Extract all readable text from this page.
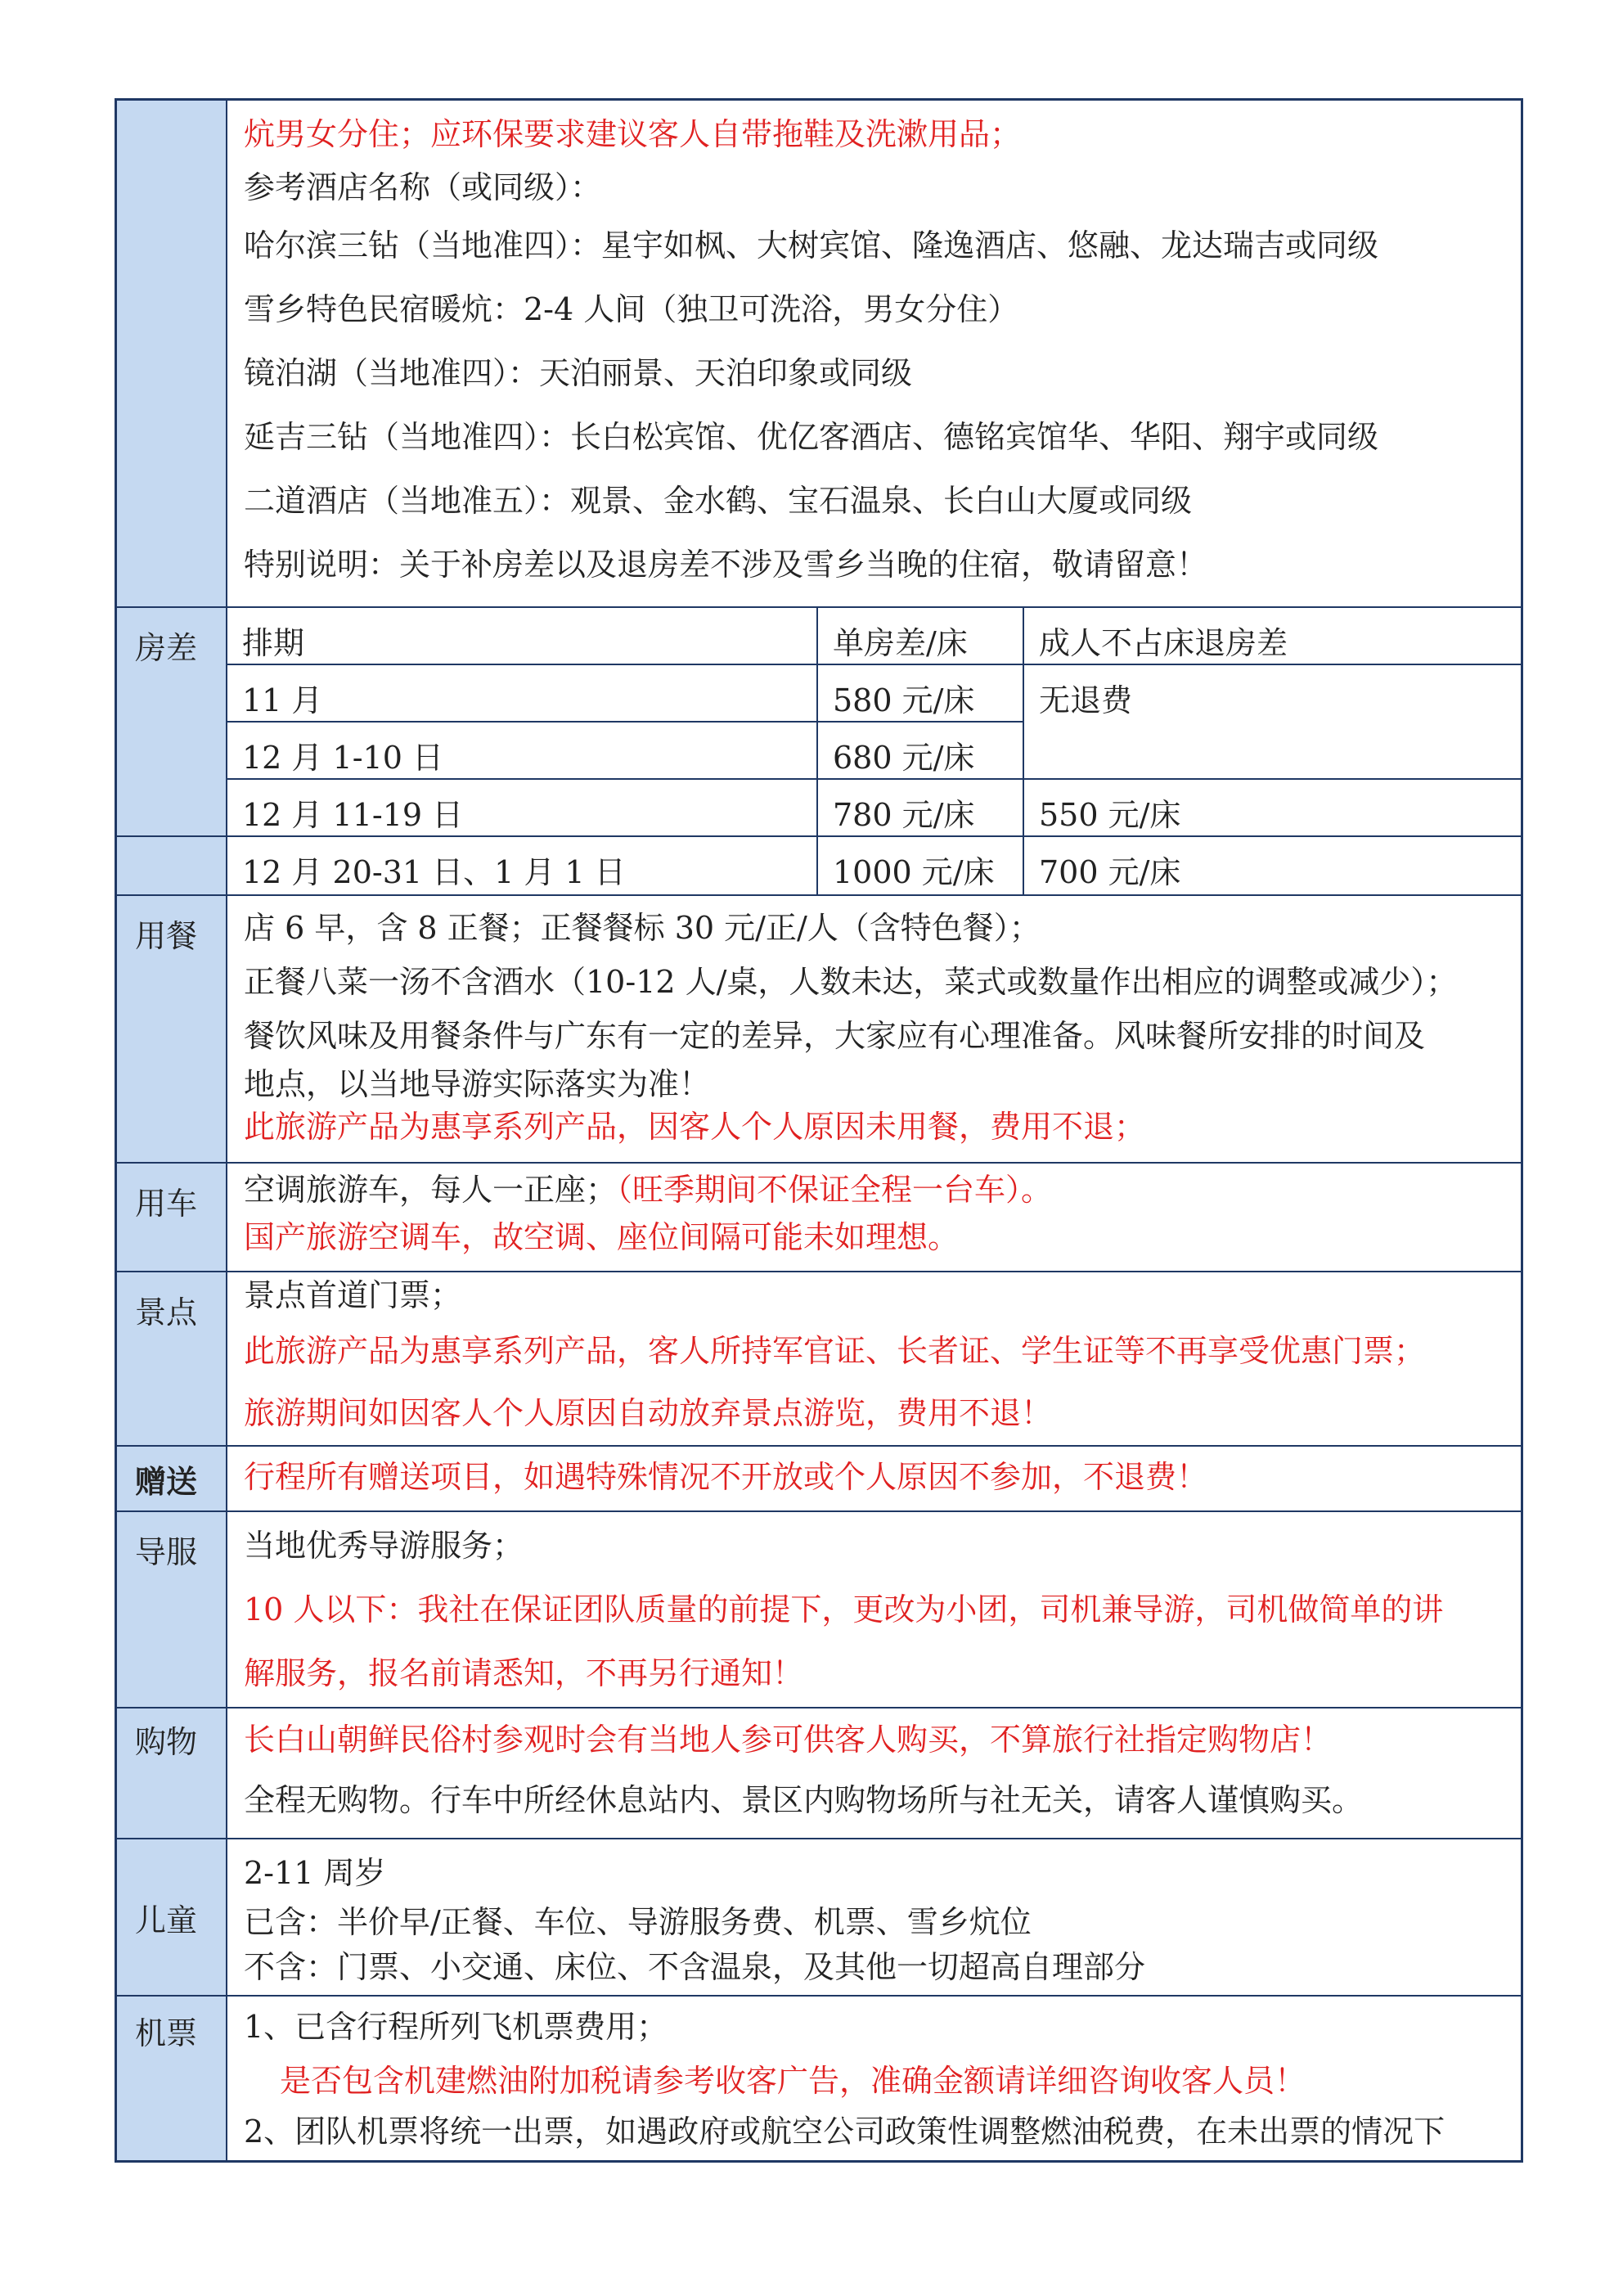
炕男女分住；应环保要求建议客人自带拖鞋及洗漱用品；
参考酒店名称（或同级）：
哈尔滨三钻（当地准四）：星宇如枫、大树宾馆、隆逸酒店、悠融、龙达瑞吉或同级
雪乡特色民宿暖炕：2-4 人间（独卫可洗浴，男女分住）
镜泊湖（当地准四）：天泊丽景、天泊印象或同级
延吉三钻（当地准四）：长白松宾馆、优亿客酒店、德铭宾馆华、华阳、翔宇或同级
二道酒店（当地准五）：观景、金水鹤、宝石温泉、长白山大厦或同级
特别说明：关于补房差以及退房差不涉及雪乡当晚的住宿，敬请留意！
房差	排期	单房差/床	成人不占床退房差
11 月	580 元/床	无退费
12 月 1-10 日	680 元/床
12 月 11-19 日	780 元/床	550 元/床
12 月 20-31 日、1 月 1 日	1000 元/床	700 元/床
用餐	店 6 早，含 8 正餐；正餐餐标 30 元/正/人（含特色餐）；
正餐八菜一汤不含酒水（10-12 人/桌，人数未达，菜式或数量作出相应的调整或减少）；
餐饮风味及用餐条件与广东有一定的差异，大家应有心理准备。风味餐所安排的时间及
地点，以当地导游实际落实为准！
此旅游产品为惠享系列产品，因客人个人原因未用餐，费用不退；
用车	空调旅游车，每人一正座；（旺季期间不保证全程一台车）。
国产旅游空调车，故空调、座位间隔可能未如理想。
景点	景点首道门票；
此旅游产品为惠享系列产品，客人所持军官证、长者证、学生证等不再享受优惠门票；
旅游期间如因客人个人原因自动放弃景点游览，费用不退！
赠送	行程所有赠送项目，如遇特殊情况不开放或个人原因不参加，不退费！
导服	当地优秀导游服务；
10 人以下：我社在保证团队质量的前提下，更改为小团，司机兼导游，司机做简单的讲
解服务，报名前请悉知，不再另行通知！
购物	长白山朝鲜民俗村参观时会有当地人参可供客人购买，不算旅行社指定购物店！
全程无购物。行车中所经休息站内、景区内购物场所与社无关，请客人谨慎购买。
儿童
2-11 周岁
已含：半价早/正餐、车位、导游服务费、机票、雪乡炕位
不含：门票、小交通、床位、不含温泉，及其他一切超高自理部分
机票	1、已含行程所列飞机票费用；
是否包含机建燃油附加税请参考收客广告，准确金额请详细咨询收客人员！
2、团队机票将统一出票，如遇政府或航空公司政策性调整燃油税费，在未出票的情况下
